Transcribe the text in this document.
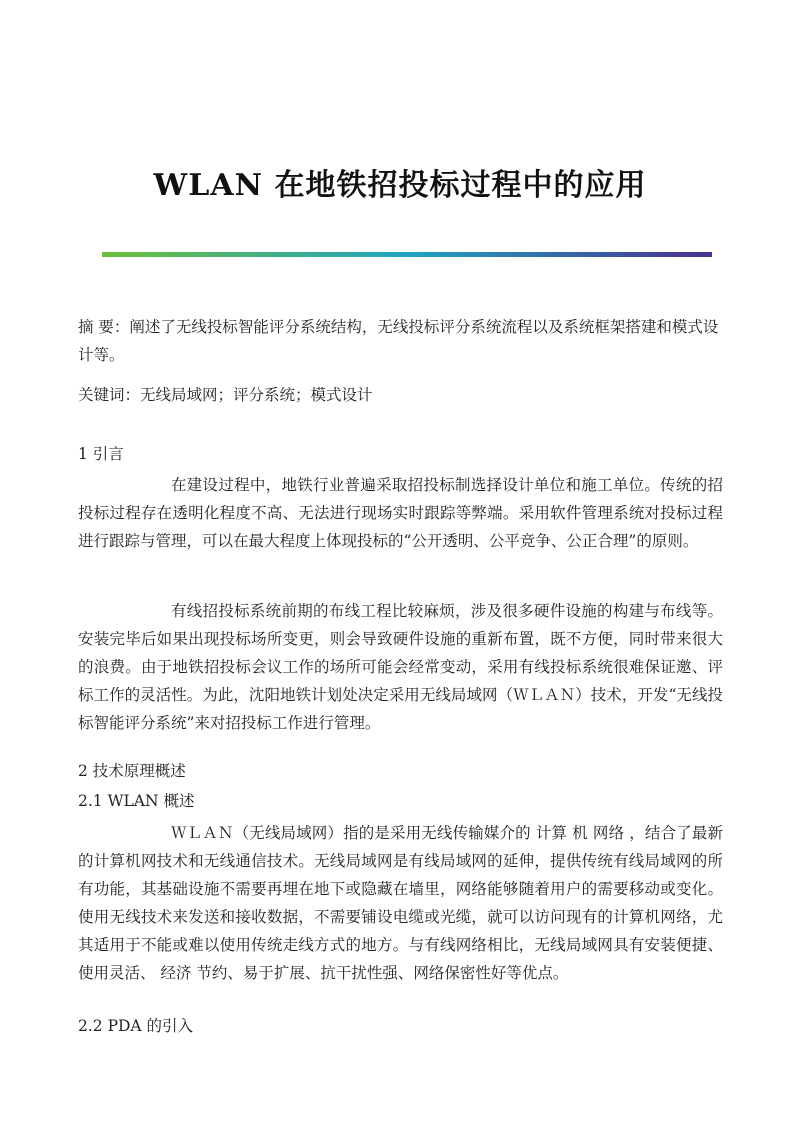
WLAN 在地铁招投标过程中的应用

摘 要：阐述了无线投标智能评分系统结构，无线投标评分系统流程以及系统框架搭建和模式设计等。

关键词：无线局域网；评分系统；模式设计

1 引言

在建设过程中，地铁行业普遍采取招投标制选择设计单位和施工单位。传统的招投标过程存在透明化程度不高、无法进行现场实时跟踪等弊端。采用软件管理系统对投标过程进行跟踪与管理，可以在最大程度上体现投标的“公开透明、公平竞争、公正合理”的原则。

有线招投标系统前期的布线工程比较麻烦，涉及很多硬件设施的构建与布线等。安装完毕后如果出现投标场所变更，则会导致硬件设施的重新布置，既不方便，同时带来很大的浪费。由于地铁招投标会议工作的场所可能会经常变动，采用有线投标系统很难保证邀、评标工作的灵活性。为此，沈阳地铁计划处决定采用无线局域网（ＷＬＡＮ）技术，开发“无线投标智能评分系统”来对招投标工作进行管理。

2 技术原理概述

2.1 WLAN 概述

ＷＬＡＮ（无线局域网）指的是采用无线传输媒介的 计算 机 网络 ，结合了最新的计算机网技术和无线通信技术。无线局域网是有线局域网的延伸，提供传统有线局域网的所有功能，其基础设施不需要再埋在地下或隐藏在墙里，网络能够随着用户的需要移动或变化。使用无线技术来发送和接收数据，不需要铺设电缆或光缆，就可以访问现有的计算机网络，尤其适用于不能或难以使用传统走线方式的地方。与有线网络相比，无线局域网具有安装便捷、使用灵活、 经济 节约、易于扩展、抗干扰性强、网络保密性好等优点。

2.2 PDA 的引入
